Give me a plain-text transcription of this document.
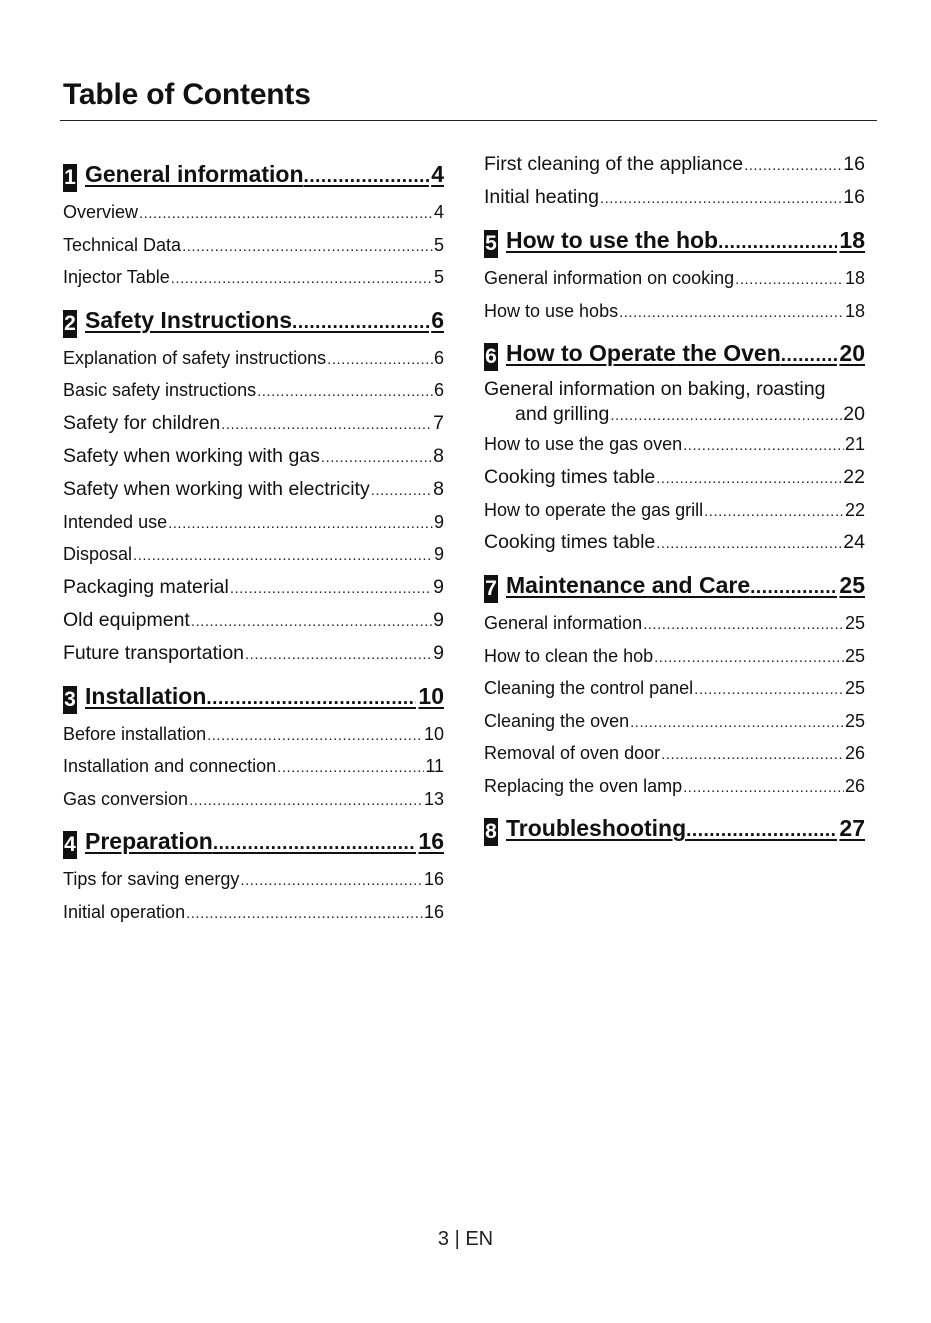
Table of Contents
1 General information .....	4
Overview .....	4
Technical Data .....	5
Injector Table .....	5
2 Safety Instructions .....	6
Explanation of safety instructions .....	6
Basic safety instructions .....	6
Safety for children .....	7
Safety when working with gas .....	8
Safety when working with electricity .....	8
Intended use .....	9
Disposal .....	9
Packaging material .....	9
Old equipment .....	9
Future transportation .....	9
3 Installation .....	10
Before installation .....	10
Installation and connection .....	11
Gas conversion .....	13
4 Preparation .....	16
Tips for saving energy .....	16
Initial operation .....	16
First cleaning of the appliance .....	16
Initial heating .....	16
5 How to use the hob .....	18
General information on cooking .....	18
How to use hobs .....	18
6 How to Operate the Oven .....	20
General information on baking, roasting
and grilling .....	20
How to use the gas oven .....	21
Cooking times table .....	22
How to operate the gas grill .....	22
Cooking times table .....	24
7 Maintenance and Care .....	25
General information .....	25
How to clean the hob .....	25
Cleaning the control panel .....	25
Cleaning the oven .....	25
Removal of oven door .....	26
Replacing the oven lamp .....	26
8 Troubleshooting .....	27
3 | EN
